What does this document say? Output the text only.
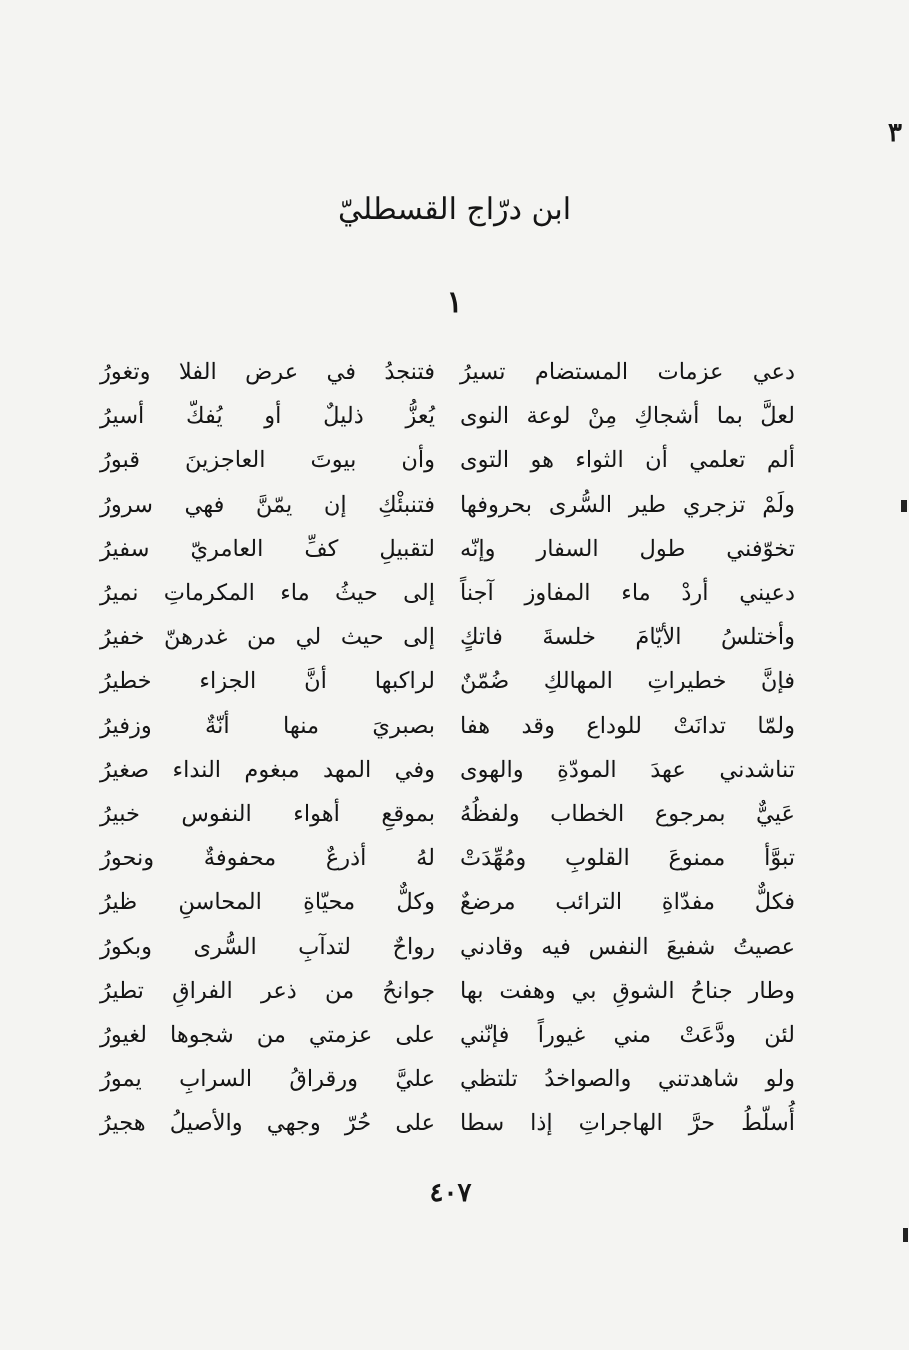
٣
ابن درّاج القسطليّ
١
دعي عزمات المستضام تسيرُ
فتنجدُ في عرض الفلا وتغورُ
لعلَّ بما أشجاكِ مِنْ لوعة النوى
يُعزُّ ذليلٌ أو يُفكّ أسيرُ
ألم تعلمي أن الثواء هو التوى
وأن بيوتَ العاجزينَ قبورُ
ولَمْ تزجري طير السُّرى بحروفها
فتنبئْكِ إن يمّنَّ فهي سرورُ
تخوّفني طول السفار وإنّه
لتقبيلِ كفِّ العامريّ سفيرُ
دعيني أردْ ماء المفاوز آجناً
إلى حيثُ ماء المكرماتِ نميرُ
وأختلسُ الأيّامَ خلسةَ فاتكٍ
إلى حيث لي من غدرهنّ خفيرُ
فإنَّ خطيراتِ المهالكِ ضُمّنٌ
لراكبها أنَّ الجزاء خطيرُ
ولمّا تدانَتْ للوداع وقد هفا
بصبريَ منها أنّةٌ وزفيرُ
تناشدني عهدَ المودّةِ والهوى
وفي المهد مبغوم النداء صغيرُ
عَييٌّ بمرجوع الخطاب ولفظُهُ
بموقعِ أهواء النفوس خبيرُ
تبوَّأ ممنوعَ القلوبِ ومُهِّدَتْ
لهُ أذرعٌ محفوفةٌ ونحورُ
فكلٌّ مفدّاةِ الترائب مرضعٌ
وكلٌّ محيّاةِ المحاسنِ ظيرُ
عصيتُ شفيعَ النفس فيه وقادني
رواحٌ لتدآبِ السُّرى وبكورُ
وطار جناحُ الشوقِ بي وهفت بها
جوانحُ من ذعر الفراقِ تطيرُ
لئن ودَّعَتْ مني غيوراً فإنّني
على عزمتي من شجوها لغيورُ
ولو شاهدتني والصواخدُ تلتظي
عليَّ ورقراقُ السرابِ يمورُ
أُسلّطُ حرَّ الهاجراتِ إذا سطا
على حُرّ وجهي والأصيلُ هجيرُ
٤٠٧
